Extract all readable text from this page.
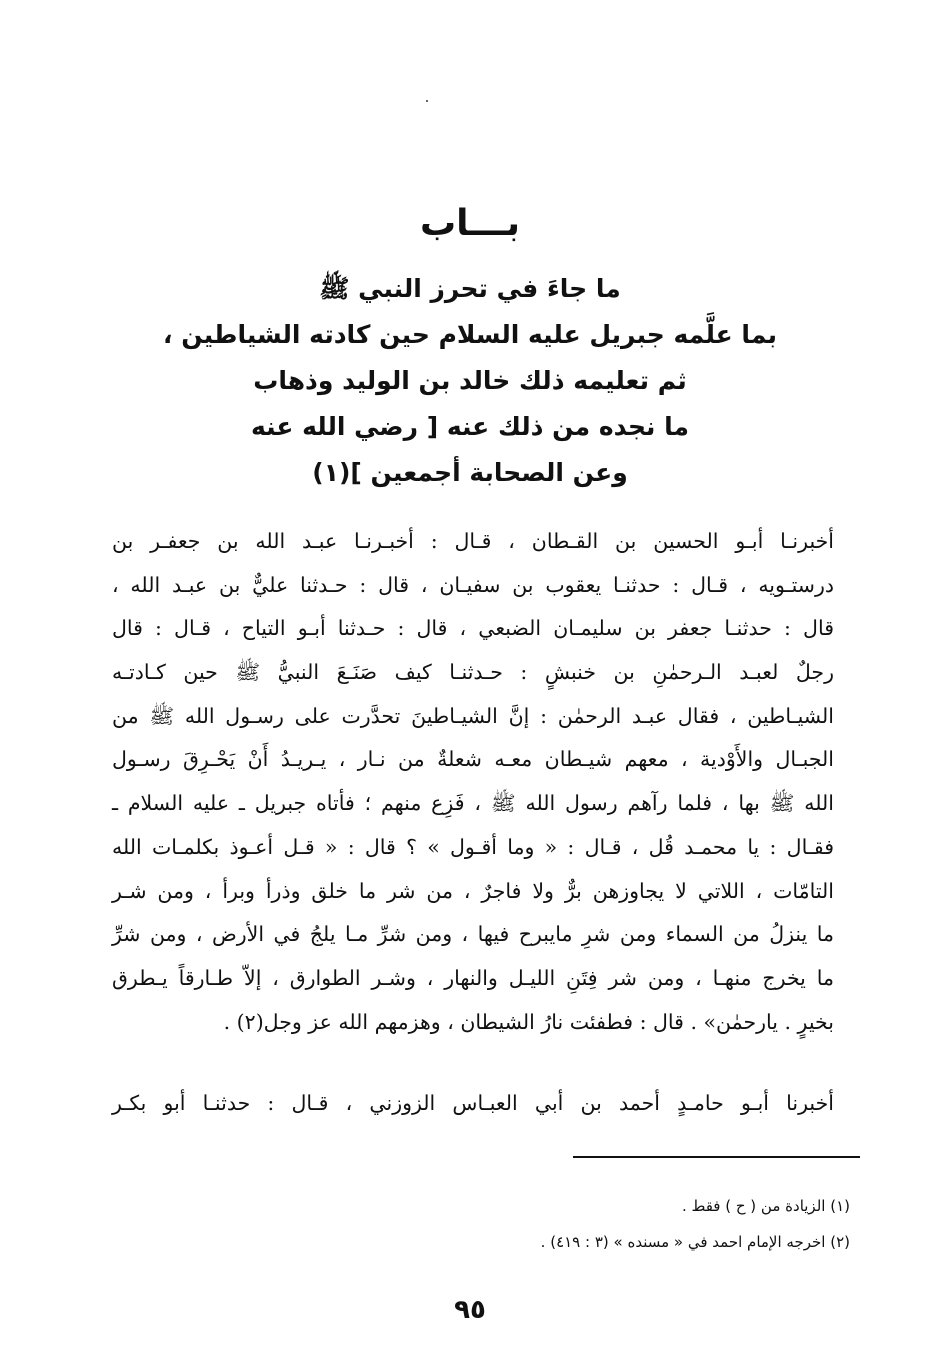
بـــاب
ما جاءَ في تحرز النبي ﷺ
بما علَّمه جبريل عليه السلام حين كادته الشياطين ،
ثم تعليمه ذلك خالد بن الوليد وذهاب
ما نجده من ذلك عنه [ رضي الله عنه
وعن الصحابة أجمعين ](١)
أخبرنـا أبـو الحسين بن القـطان ، قـال : أخبـرنـا عبـد الله بن جعفـر بن
درستـويه ، قـال : حدثنـا يعقوب بن سفيـان ، قال : حـدثنا عليٌّ بن عبـد الله ،
قال : حدثنـا جعفر بن سليمـان الضبعي ، قال : حـدثنا أبـو التياح ، قـال : قال
رجلٌ لعبـد الـرحمٰنِ بن خنبشٍ : حـدثنـا كيف صَنَـعَ النبيُّ ﷺ حين كـادتـه
الشيـاطين ، فقال عبـد الرحمٰن : إنَّ الشيـاطينَ تحدَّرت على رسـول الله ﷺ من
الجبـال والأَوْدية ، معهم شيـطان معـه شعلةٌ من نـار ، يـريـدُ أَنْ يَحْـرِقَ رسـول
الله ﷺ بها ، فلما رآهم رسول الله ﷺ ، فَزِع منهم ؛ فأتاه جبريل ـ عليه السلام ـ
فقـال : يا محمـد قُل ، قـال : « وما أقـول » ؟ قال : « قـل أعـوذ بكلمـات الله
التامّات ، اللاتي لا يجاوزهن برٌّ ولا فاجرٌ ، من شر ما خلق وذرأ وبرأ ، ومن شـر
ما ينزلُ من السماء ومن شرِ مايبرح فيها ، ومن شرِّ مـا يلجُ في الأرض ، ومن شرِّ
ما يخرج منهـا ، ومن شر فِتَنِ الليـل والنهار ، وشـر الطوارق ، إلاّ طـارقاً يـطرق
بخيرٍ . يارحمٰن» . قال : فطفئت نارُ الشيطان ، وهزمهم الله عز وجل(٢) .
أخبرنا أبـو حامـدٍ أحمد بن أبي العبـاس الزوزني ، قـال : حدثنـا أبو بكـر
(١) الزيادة من ( ح ) فقط .
(٢) اخرجه الإمام احمد في « مسنده » (٣ : ٤١٩) .
٩٥
